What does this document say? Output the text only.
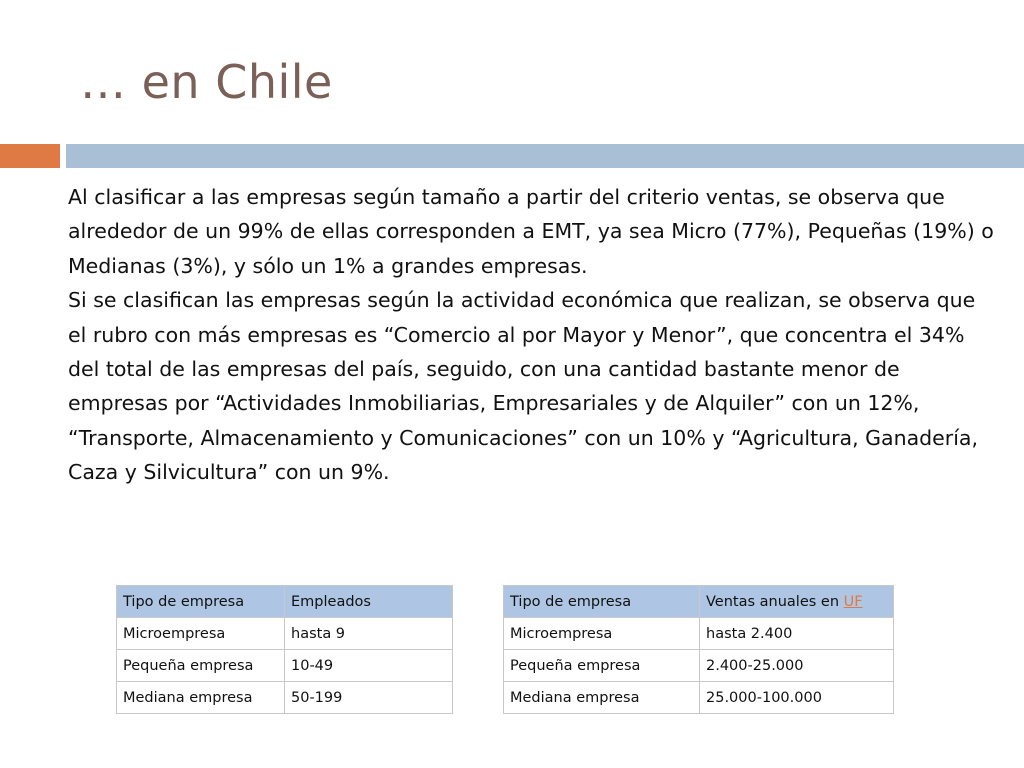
… en Chile

Al clasificar a las empresas según tamaño a partir del criterio ventas, se observa que alrededor de un 99% de ellas corresponden a EMT, ya sea Micro (77%), Pequeñas (19%) o Medianas (3%), y sólo un 1% a grandes empresas.

Si se clasifican las empresas según la actividad económica que realizan, se observa que el rubro con más empresas es “Comercio al por Mayor y Menor”, que concentra el 34% del total de las empresas del país, seguido, con una cantidad bastante menor de empresas por “Actividades Inmobiliarias, Empresariales y de Alquiler” con un 12%, “Transporte, Almacenamiento y Comunicaciones” con un 10% y “Agricultura, Ganadería, Caza y Silvicultura” con un 9%.

Tipo de empresa	Empleados
Microempresa	hasta 9
Pequeña empresa	10-49
Mediana empresa	50-199
Tipo de empresa	Ventas anuales en UF
Microempresa	hasta 2.400
Pequeña empresa	2.400-25.000
Mediana empresa	25.000-100.000
